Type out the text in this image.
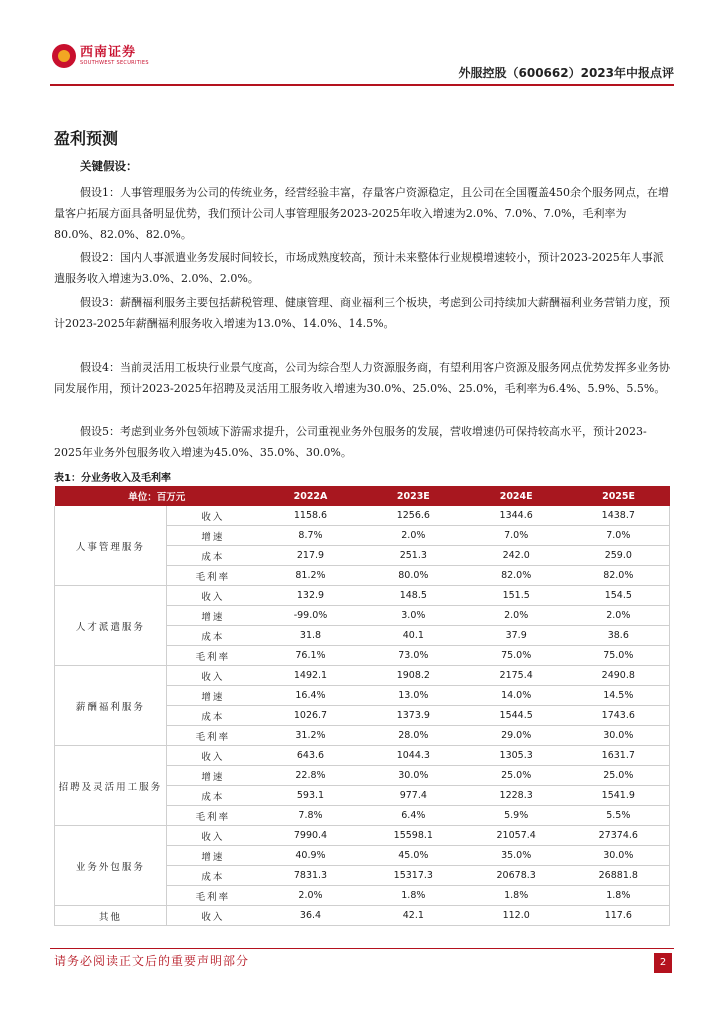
西南证券
SOUTHWEST SECURITIES
外服控股（600662）2023年中报点评
盈利预测
关键假设：
假设1：人事管理服务为公司的传统业务，经营经验丰富，存量客户资源稳定，且公司在全国覆盖450余个服务网点，在增量客户拓展方面具备明显优势，我们预计公司人事管理服务2023-2025年收入增速为2.0%、7.0%、7.0%，毛利率为80.0%、82.0%、82.0%。
假设2：国内人事派遣业务发展时间较长，市场成熟度较高，预计未来整体行业规模增速较小，预计2023-2025年人事派遣服务收入增速为3.0%、2.0%、2.0%。
假设3：薪酬福利服务主要包括薪税管理、健康管理、商业福利三个板块，考虑到公司持续加大薪酬福利业务营销力度，预计2023-2025年薪酬福利服务收入增速为13.0%、14.0%、14.5%。
假设4：当前灵活用工板块行业景气度高，公司为综合型人力资源服务商，有望利用客户资源及服务网点优势发挥多业务协同发展作用，预计2023-2025年招聘及灵活用工服务收入增速为30.0%、25.0%、25.0%，毛利率为6.4%、5.9%、5.5%。
假设5：考虑到业务外包领域下游需求提升，公司重视业务外包服务的发展，营收增速仍可保持较高水平，预计2023-2025年业务外包服务收入增速为45.0%、35.0%、30.0%。
表1：分业务收入及毛利率
单位：百万元		2022A	2023E	2024E	2025E
人事管理服务	收入	1158.6	1256.6	1344.6	1438.7
	增速	8.7%	2.0%	7.0%	7.0%
	成本	217.9	251.3	242.0	259.0
	毛利率	81.2%	80.0%	82.0%	82.0%
人才派遣服务	收入	132.9	148.5	151.5	154.5
	增速	-99.0%	3.0%	2.0%	2.0%
	成本	31.8	40.1	37.9	38.6
	毛利率	76.1%	73.0%	75.0%	75.0%
薪酬福利服务	收入	1492.1	1908.2	2175.4	2490.8
	增速	16.4%	13.0%	14.0%	14.5%
	成本	1026.7	1373.9	1544.5	1743.6
	毛利率	31.2%	28.0%	29.0%	30.0%
招聘及灵活用工服务	收入	643.6	1044.3	1305.3	1631.7
	增速	22.8%	30.0%	25.0%	25.0%
	成本	593.1	977.4	1228.3	1541.9
	毛利率	7.8%	6.4%	5.9%	5.5%
业务外包服务	收入	7990.4	15598.1	21057.4	27374.6
	增速	40.9%	45.0%	35.0%	30.0%
	成本	7831.3	15317.3	20678.3	26881.8
	毛利率	2.0%	1.8%	1.8%	1.8%
其他	收入	36.4	42.1	112.0	117.6
请务必阅读正文后的重要声明部分	2
